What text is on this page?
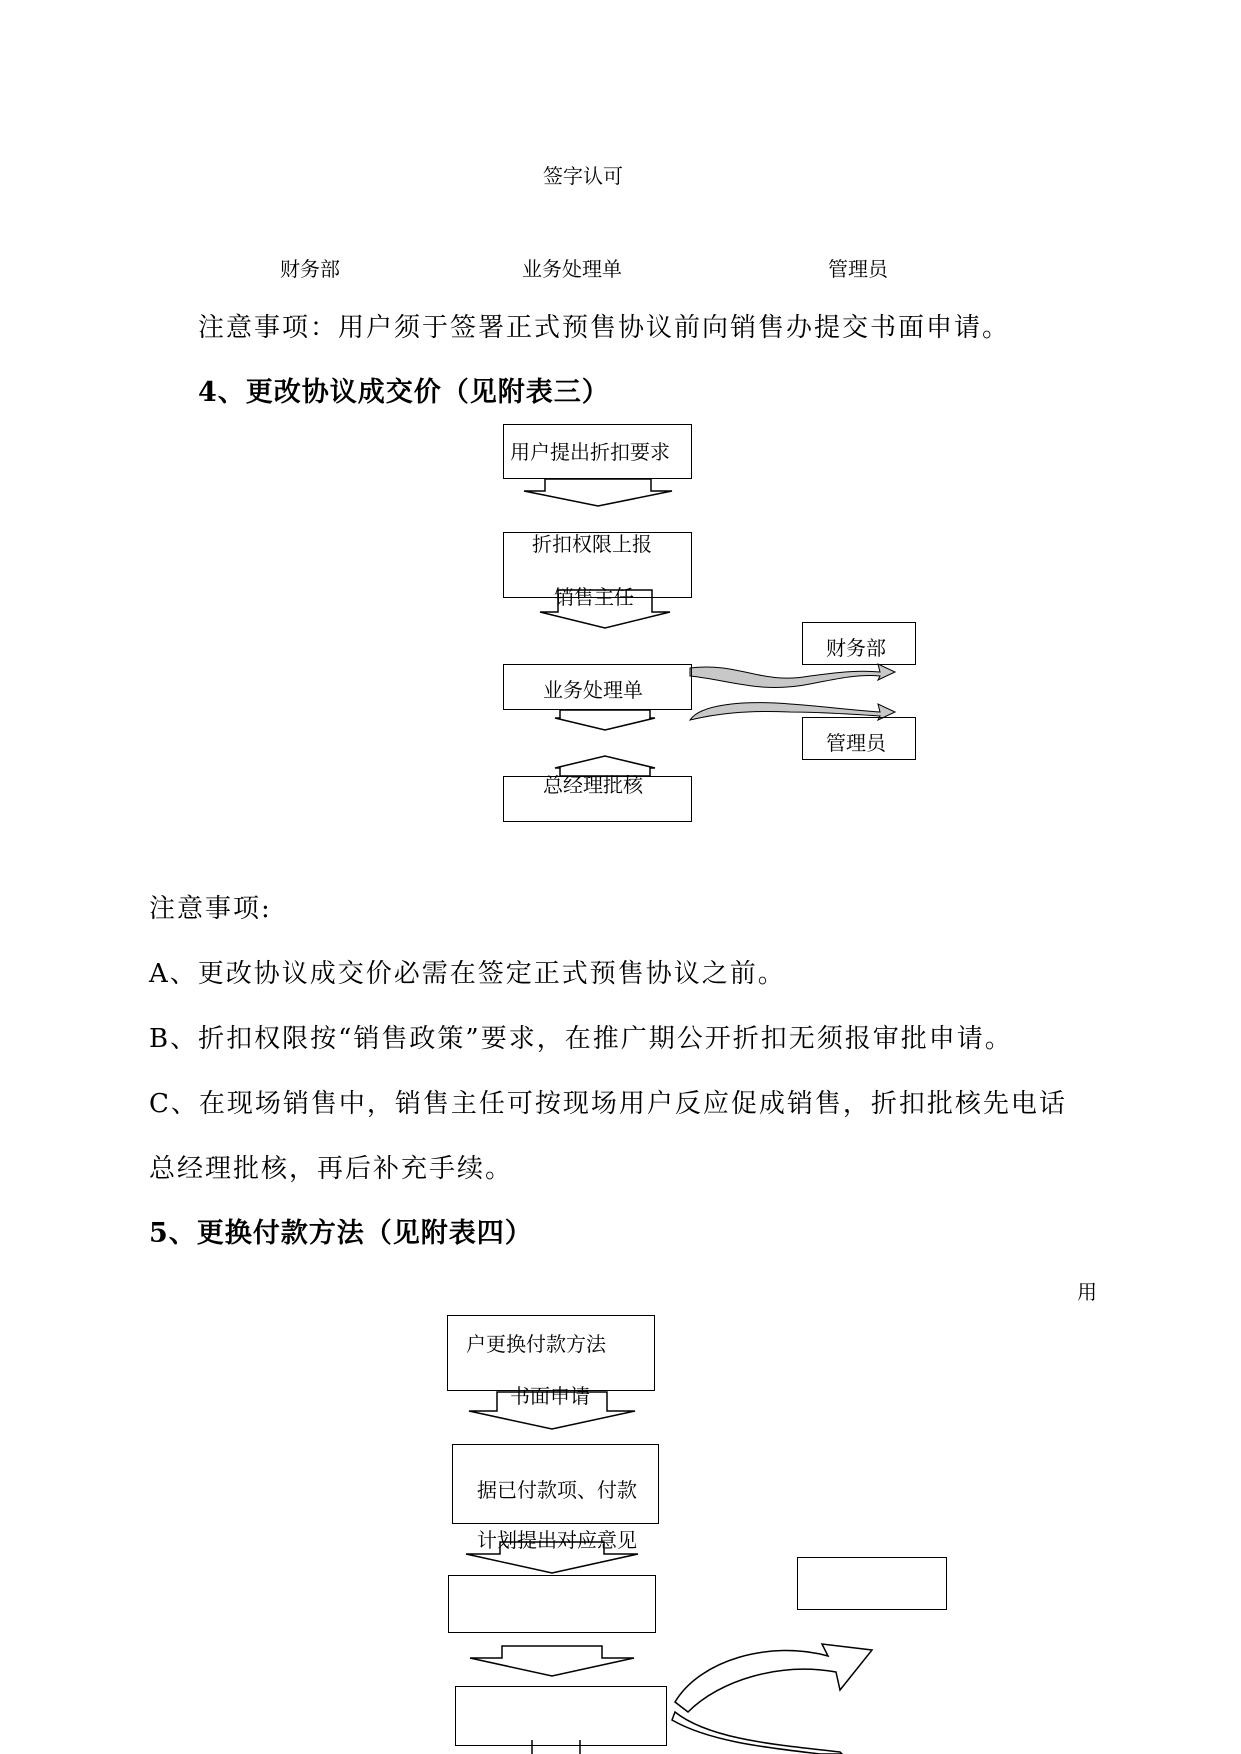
签字认可
财务部	业务处理单	管理员
注意事项：用户须于签署正式预售协议前向销售办提交书面申请。
4、更改协议成交价（见附表三）
用户提出折扣要求
折扣权限上报
销售主任
业务处理单
财务部
管理员
总经理批核
注意事项:
A、更改协议成交价必需在签定正式预售协议之前。
B、折扣权限按“销售政策”要求，在推广期公开折扣无须报审批申请。
C、在现场销售中，销售主任可按现场用户反应促成销售，折扣批核先电话
总经理批核，再后补充手续。
5、更换付款方法（见附表四）
用
户更换付款方法
书面申请
据已付款项、付款
计划提出对应意见
